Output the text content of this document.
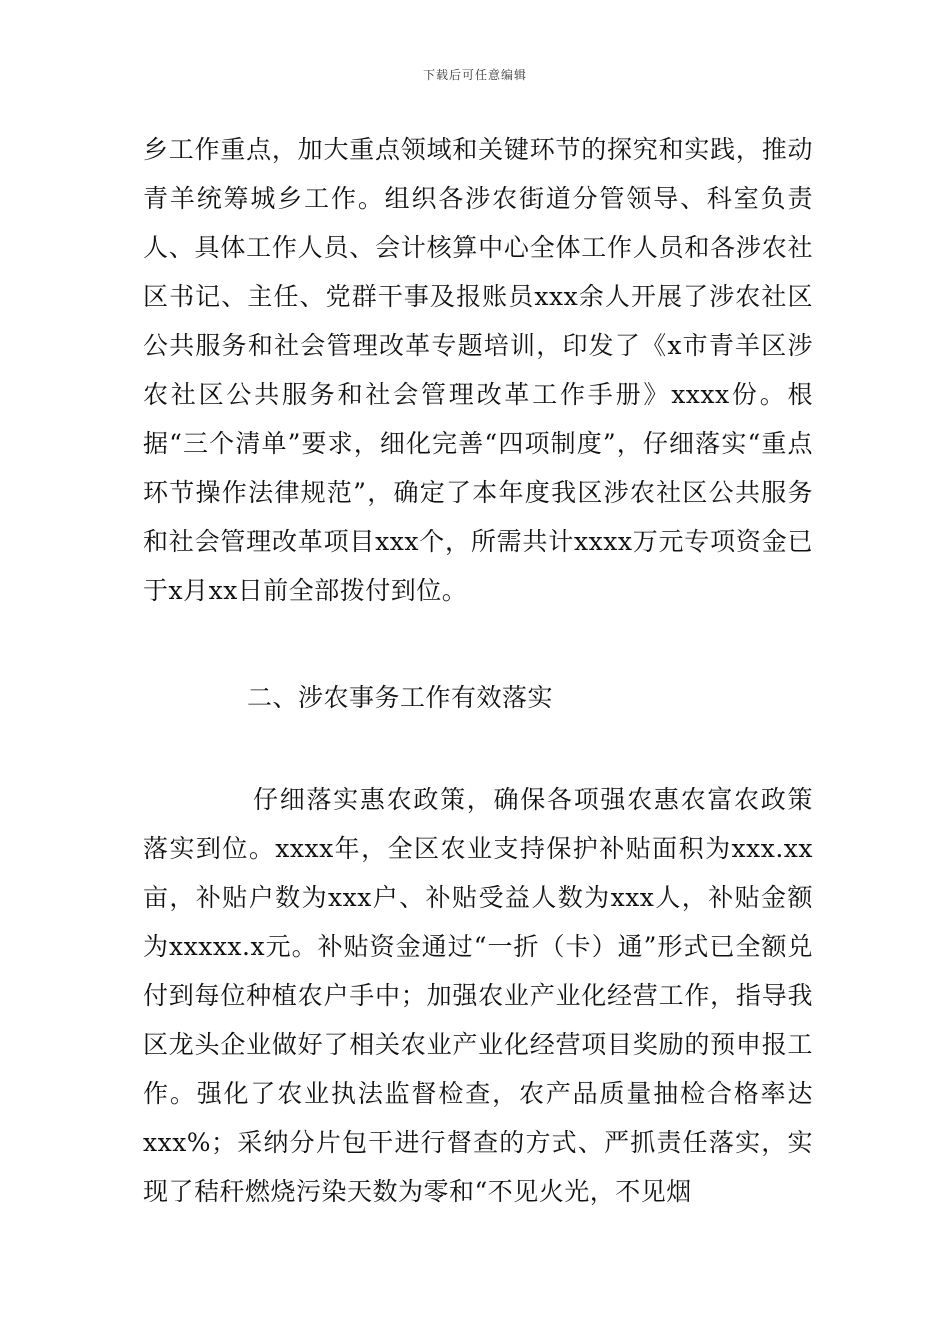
下载后可任意编辑

乡工作重点，加大重点领域和关键环节的探究和实践，推动青羊统筹城乡工作。组织各涉农街道分管领导、科室负责人、具体工作人员、会计核算中心全体工作人员和各涉农社区书记、主任、党群干事及报账员xxx余人开展了涉农社区公共服务和社会管理改革专题培训，印发了《x市青羊区涉农社区公共服务和社会管理改革工作手册》xxxx份。根据“三个清单”要求，细化完善“四项制度”，仔细落实“重点环节操作法律规范”，确定了本年度我区涉农社区公共服务和社会管理改革项目xxx个，所需共计xxxx万元专项资金已于x月xx日前全部拨付到位。

二、涉农事务工作有效落实

仔细落实惠农政策，确保各项强农惠农富农政策落实到位。xxxx年，全区农业支持保护补贴面积为xxx.xx亩，补贴户数为xxx户、补贴受益人数为xxx人，补贴金额为xxxxx.x元。补贴资金通过“一折（卡）通”形式已全额兑付到每位种植农户手中；加强农业产业化经营工作，指导我区龙头企业做好了相关农业产业化经营项目奖励的预申报工作。强化了农业执法监督检查，农产品质量抽检合格率达xxx%；采纳分片包干进行督查的方式、严抓责任落实，实现了秸秆燃烧污染天数为零和“不见火光，不见烟
